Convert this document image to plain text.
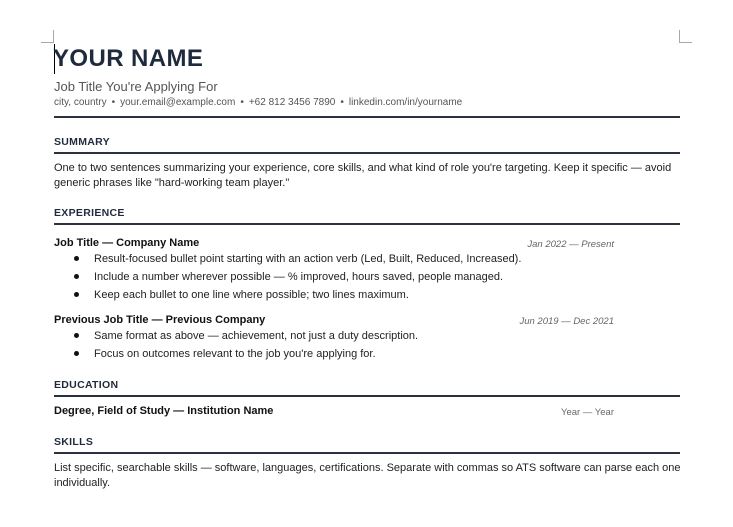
YOUR NAME
Job Title You're Applying For
city, country • your.email@example.com • +62 812 3456 7890 • linkedin.com/in/yourname
SUMMARY
One to two sentences summarizing your experience, core skills, and what kind of role you're targeting. Keep it specific — avoid generic phrases like "hard-working team player."
EXPERIENCE
Job Title — Company Name	Jan 2022 — Present
Result-focused bullet point starting with an action verb (Led, Built, Reduced, Increased).
Include a number wherever possible — % improved, hours saved, people managed.
Keep each bullet to one line where possible; two lines maximum.
Previous Job Title — Previous Company	Jun 2019 — Dec 2021
Same format as above — achievement, not just a duty description.
Focus on outcomes relevant to the job you're applying for.
EDUCATION
Degree, Field of Study — Institution Name	Year — Year
SKILLS
List specific, searchable skills — software, languages, certifications. Separate with commas so ATS software can parse each one individually.
